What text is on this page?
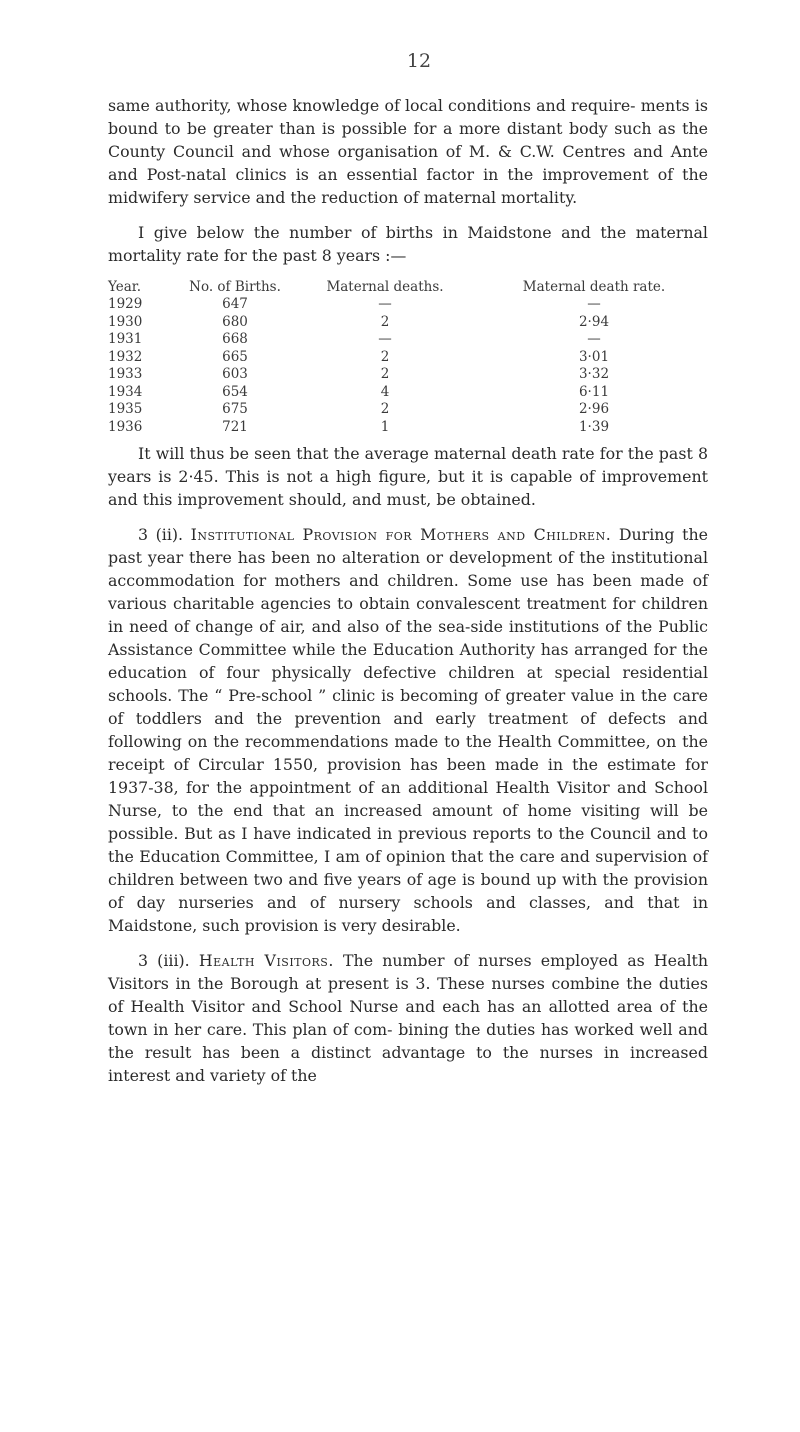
12

same authority, whose knowledge of local conditions and require- ments is bound to be greater than is possible for a more distant body such as the County Council and whose organisation of M. & C.W. Centres and Ante and Post-natal clinics is an essential factor in the improvement of the midwifery service and the reduction of maternal mortality.

I give below the number of births in Maidstone and the maternal mortality rate for the past 8 years :—

Year.	No. of Births.	Maternal deaths.	Maternal death rate.
1929	647	—	—
1930	680	2	2·94
1931	668	—	—
1932	665	2	3·01
1933	603	2	3·32
1934	654	4	6·11
1935	675	2	2·96
1936	721	1	1·39

It will thus be seen that the average maternal death rate for the past 8 years is 2·45. This is not a high figure, but it is capable of improvement and this improvement should, and must, be obtained.

3 (ii). Institutional Provision for Mothers and Children. During the past year there has been no alteration or development of the institutional accommodation for mothers and children. Some use has been made of various charitable agencies to obtain convalescent treatment for children in need of change of air, and also of the sea-side institutions of the Public Assistance Committee while the Education Authority has arranged for the education of four physically defective children at special residential schools. The “ Pre-school ” clinic is becoming of greater value in the care of toddlers and the prevention and early treatment of defects and following on the recommendations made to the Health Committee, on the receipt of Circular 1550, provision has been made in the estimate for 1937-38, for the appointment of an additional Health Visitor and School Nurse, to the end that an increased amount of home visiting will be possible. But as I have indicated in previous reports to the Council and to the Education Committee, I am of opinion that the care and supervision of children between two and five years of age is bound up with the provision of day nurseries and of nursery schools and classes, and that in Maidstone, such provision is very desirable.

3 (iii). Health Visitors. The number of nurses employed as Health Visitors in the Borough at present is 3. These nurses combine the duties of Health Visitor and School Nurse and each has an allotted area of the town in her care. This plan of com- bining the duties has worked well and the result has been a distinct advantage to the nurses in increased interest and variety of the
